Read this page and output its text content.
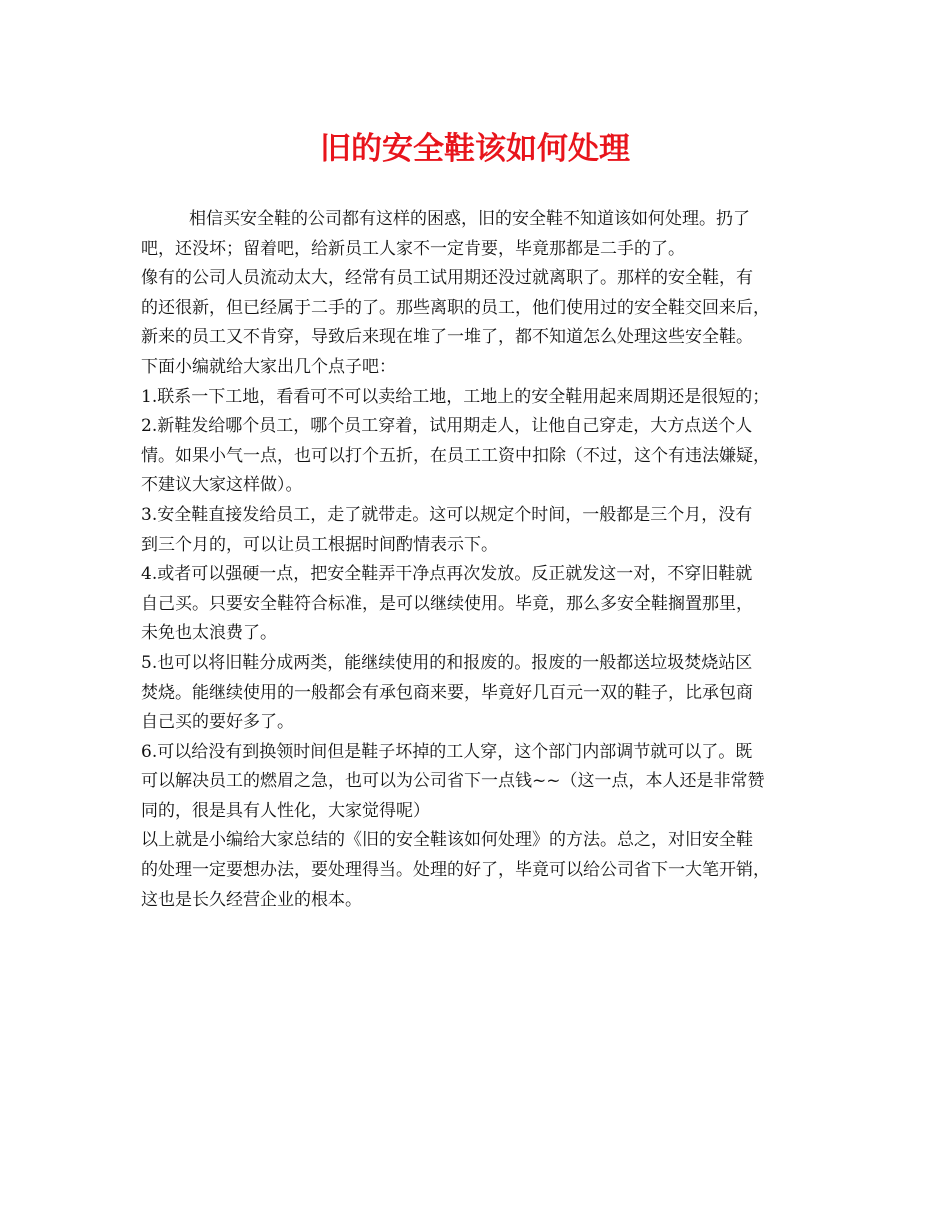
旧的安全鞋该如何处理
相信买安全鞋的公司都有这样的困惑，旧的安全鞋不知道该如何处理。扔了
吧，还没坏；留着吧，给新员工人家不一定肯要，毕竟那都是二手的了。
像有的公司人员流动太大，经常有员工试用期还没过就离职了。那样的安全鞋，有
的还很新，但已经属于二手的了。那些离职的员工，他们使用过的安全鞋交回来后，
新来的员工又不肯穿，导致后来现在堆了一堆了，都不知道怎么处理这些安全鞋。
下面小编就给大家出几个点子吧：
1.联系一下工地，看看可不可以卖给工地，工地上的安全鞋用起来周期还是很短的；
2.新鞋发给哪个员工，哪个员工穿着，试用期走人，让他自己穿走，大方点送个人
情。如果小气一点，也可以打个五折，在员工工资中扣除（不过，这个有违法嫌疑，
不建议大家这样做）。
3.安全鞋直接发给员工，走了就带走。这可以规定个时间，一般都是三个月，没有
到三个月的，可以让员工根据时间酌情表示下。
4.或者可以强硬一点，把安全鞋弄干净点再次发放。反正就发这一对，不穿旧鞋就
自己买。只要安全鞋符合标准，是可以继续使用。毕竟，那么多安全鞋搁置那里，
未免也太浪费了。
5.也可以将旧鞋分成两类，能继续使用的和报废的。报废的一般都送垃圾焚烧站区
焚烧。能继续使用的一般都会有承包商来要，毕竟好几百元一双的鞋子，比承包商
自己买的要好多了。
6.可以给没有到换领时间但是鞋子坏掉的工人穿，这个部门内部调节就可以了。既
可以解决员工的燃眉之急，也可以为公司省下一点钱~~（这一点，本人还是非常赞
同的，很是具有人性化，大家觉得呢）
以上就是小编给大家总结的《旧的安全鞋该如何处理》的方法。总之，对旧安全鞋
的处理一定要想办法，要处理得当。处理的好了，毕竟可以给公司省下一大笔开销，
这也是长久经营企业的根本。
